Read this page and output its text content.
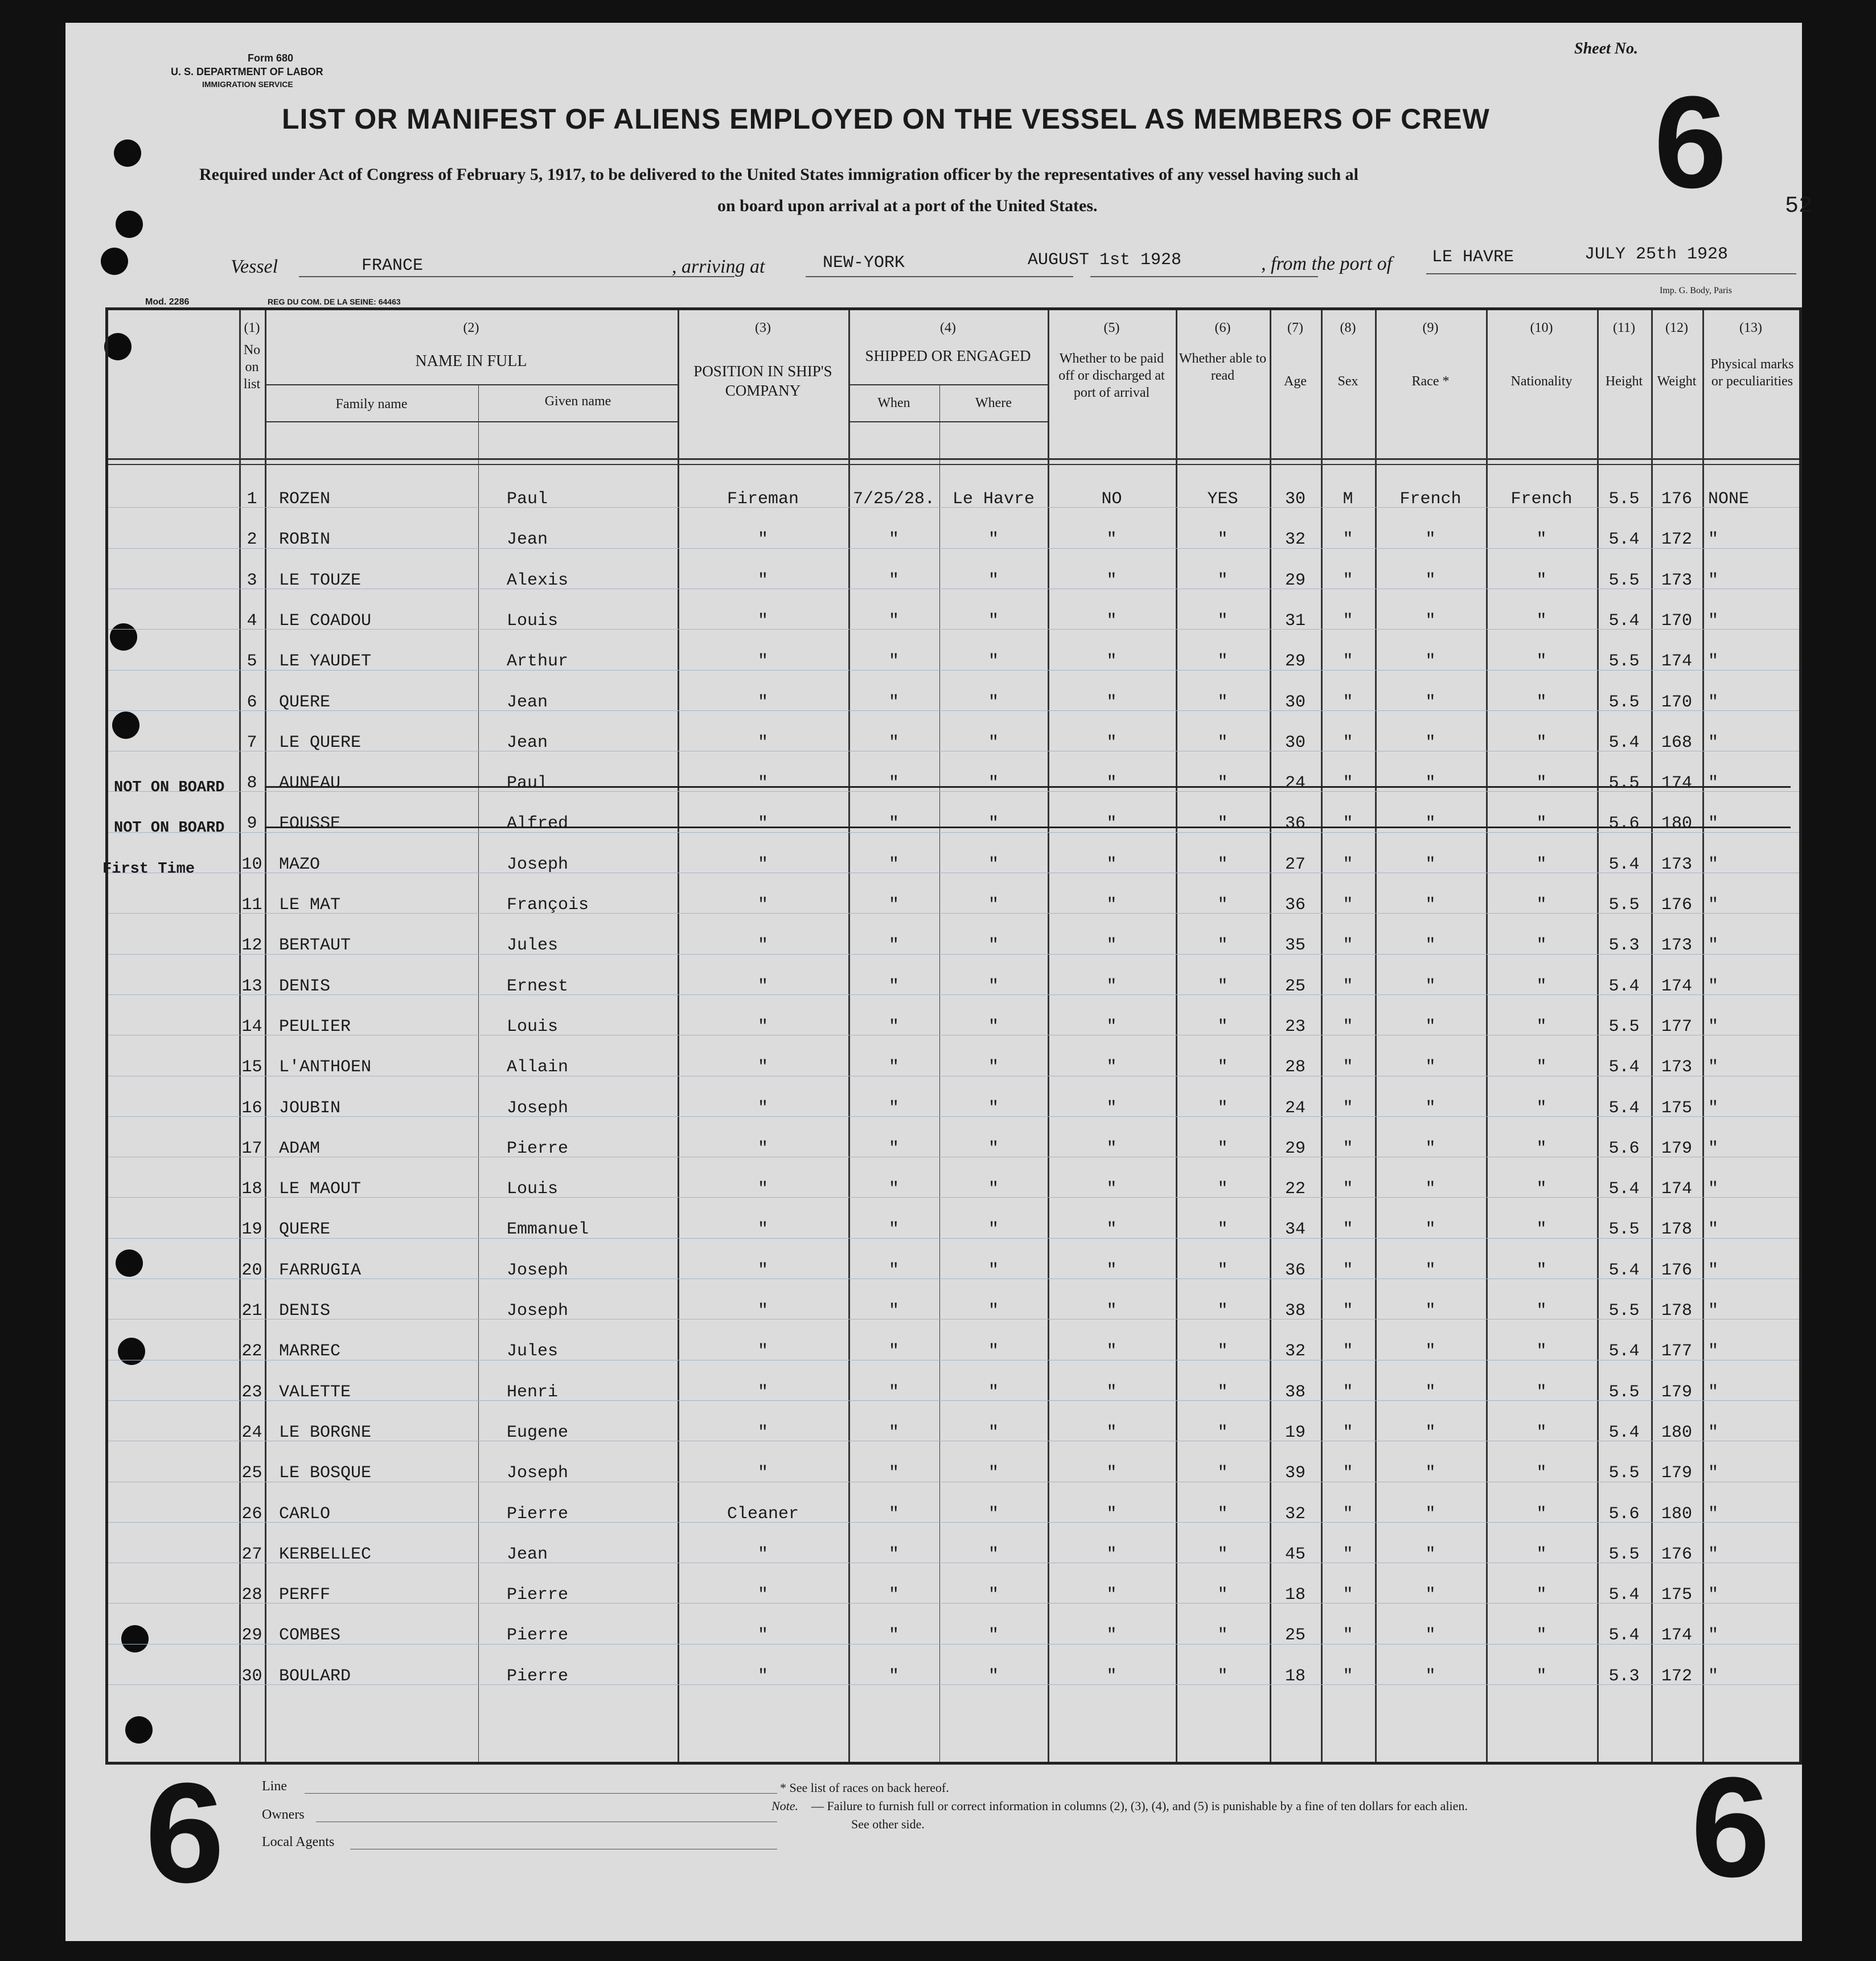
Form 680
U. S. DEPARTMENT OF LABOR
IMMIGRATION SERVICE
Sheet No.
6	52
LIST OR MANIFEST OF ALIENS EMPLOYED ON THE VESSEL AS MEMBERS OF CREW
Required under Act of Congress of February 5, 1917, to be delivered to the United States immigration officer by the representatives of any vessel having such al
on board upon arrival at a port of the United States.
Vessel	FRANCE	, arriving at	NEW-YORK	AUGUST 1st 1928	, from the port of LE HAVRE	JULY 25th 1928
Mod. 2286	REG DU COM. DE LA SEINE: 64463
Imp. G. Body, Paris
(1)
No on list
(2)
NAME IN FULL
Family name	Given name
(3)
POSITION IN SHIP'S COMPANY
(4)
SHIPPED OR ENGAGED
When	Where
(5)
Whether to be paid off or discharged at port of arrival
(6)
Whether able to read
(7)
Age
(8)
Sex
(9)
Race *
(10)
Nationality
(11)
Height
(12)
Weight
(13)
Physical marks or peculiarities
1	ROZEN	Paul	Fireman	7/25/28.	Le Havre	NO	YES	30	M	French	French	5.5	176 NONE
2	ROBIN	Jean	"	"	"	"	"	32	"	"	"	5.4	172 "
3	LE TOUZE	Alexis	"	"	"	"	"	29	"	"	"	5.5	173 "
4	LE COADOU	Louis	"	"	"	"	"	31	"	"	"	5.4	170 "
5	LE YAUDET	Arthur	"	"	"	"	"	29	"	"	"	5.5	174 "
6	QUERE	Jean	"	"	"	"	"	30	"	"	"	5.5	170 "
7	LE QUERE	Jean	"	"	"	"	"	30	"	"	"	5.4	168 "
8	AUNEAU	Paul	"	"	"	"	"	24	"	"	"	5.5	174 "
NOT ON BOARD
9	FOUSSE	Alfred	"	"	"	"	"	36	"	"	"	5.6	180 "
NOT ON BOARD
10 MAZO	Joseph	"	"	"	"	"	27	"	"	"	5.4	173 "
First Time
11 LE MAT	François	"	"	"	"	"	36	"	"	"	5.5	176 "
12 BERTAUT	Jules	"	"	"	"	"	35	"	"	"	5.3	173 "
13 DENIS	Ernest	"	"	"	"	"	25	"	"	"	5.4	174 "
14 PEULIER	Louis	"	"	"	"	"	23	"	"	"	5.5	177 "
15 L'ANTHOEN	Allain	"	"	"	"	"	28	"	"	"	5.4	173 "
16 JOUBIN	Joseph	"	"	"	"	"	24	"	"	"	5.4	175 "
17 ADAM	Pierre	"	"	"	"	"	29	"	"	"	5.6	179 "
18 LE MAOUT	Louis	"	"	"	"	"	22	"	"	"	5.4	174 "
19 QUERE	Emmanuel	"	"	"	"	"	34	"	"	"	5.5	178 "
20 FARRUGIA	Joseph	"	"	"	"	"	36	"	"	"	5.4	176 "
21 DENIS	Joseph	"	"	"	"	"	38	"	"	"	5.5	178 "
22 MARREC	Jules	"	"	"	"	"	32	"	"	"	5.4	177 "
23 VALETTE	Henri	"	"	"	"	"	38	"	"	"	5.5	179 "
24 LE BORGNE	Eugene	"	"	"	"	"	19	"	"	"	5.4	180 "
25 LE BOSQUE	Joseph	"	"	"	"	"	39	"	"	"	5.5	179 "
26 CARLO	Pierre	Cleaner	"	"	"	"	32	"	"	"	5.6	180 "
27 KERBELLEC	Jean	"	"	"	"	"	45	"	"	"	5.5	176 "
28 PERFF	Pierre	"	"	"	"	"	18	"	"	"	5.4	175 "
29 COMBES	Pierre	"	"	"	"	"	25	"	"	"	5.4	174 "
30 BOULARD	Pierre	"	"	"	"	"	18	"	"	"	5.3	172 "
6	6
Line
Owners
Local Agents
* See list of races on back hereof.
Note. — Failure to furnish full or correct information in columns (2), (3), (4), and (5) is punishable by a fine of ten dollars for each alien.
See other side.
